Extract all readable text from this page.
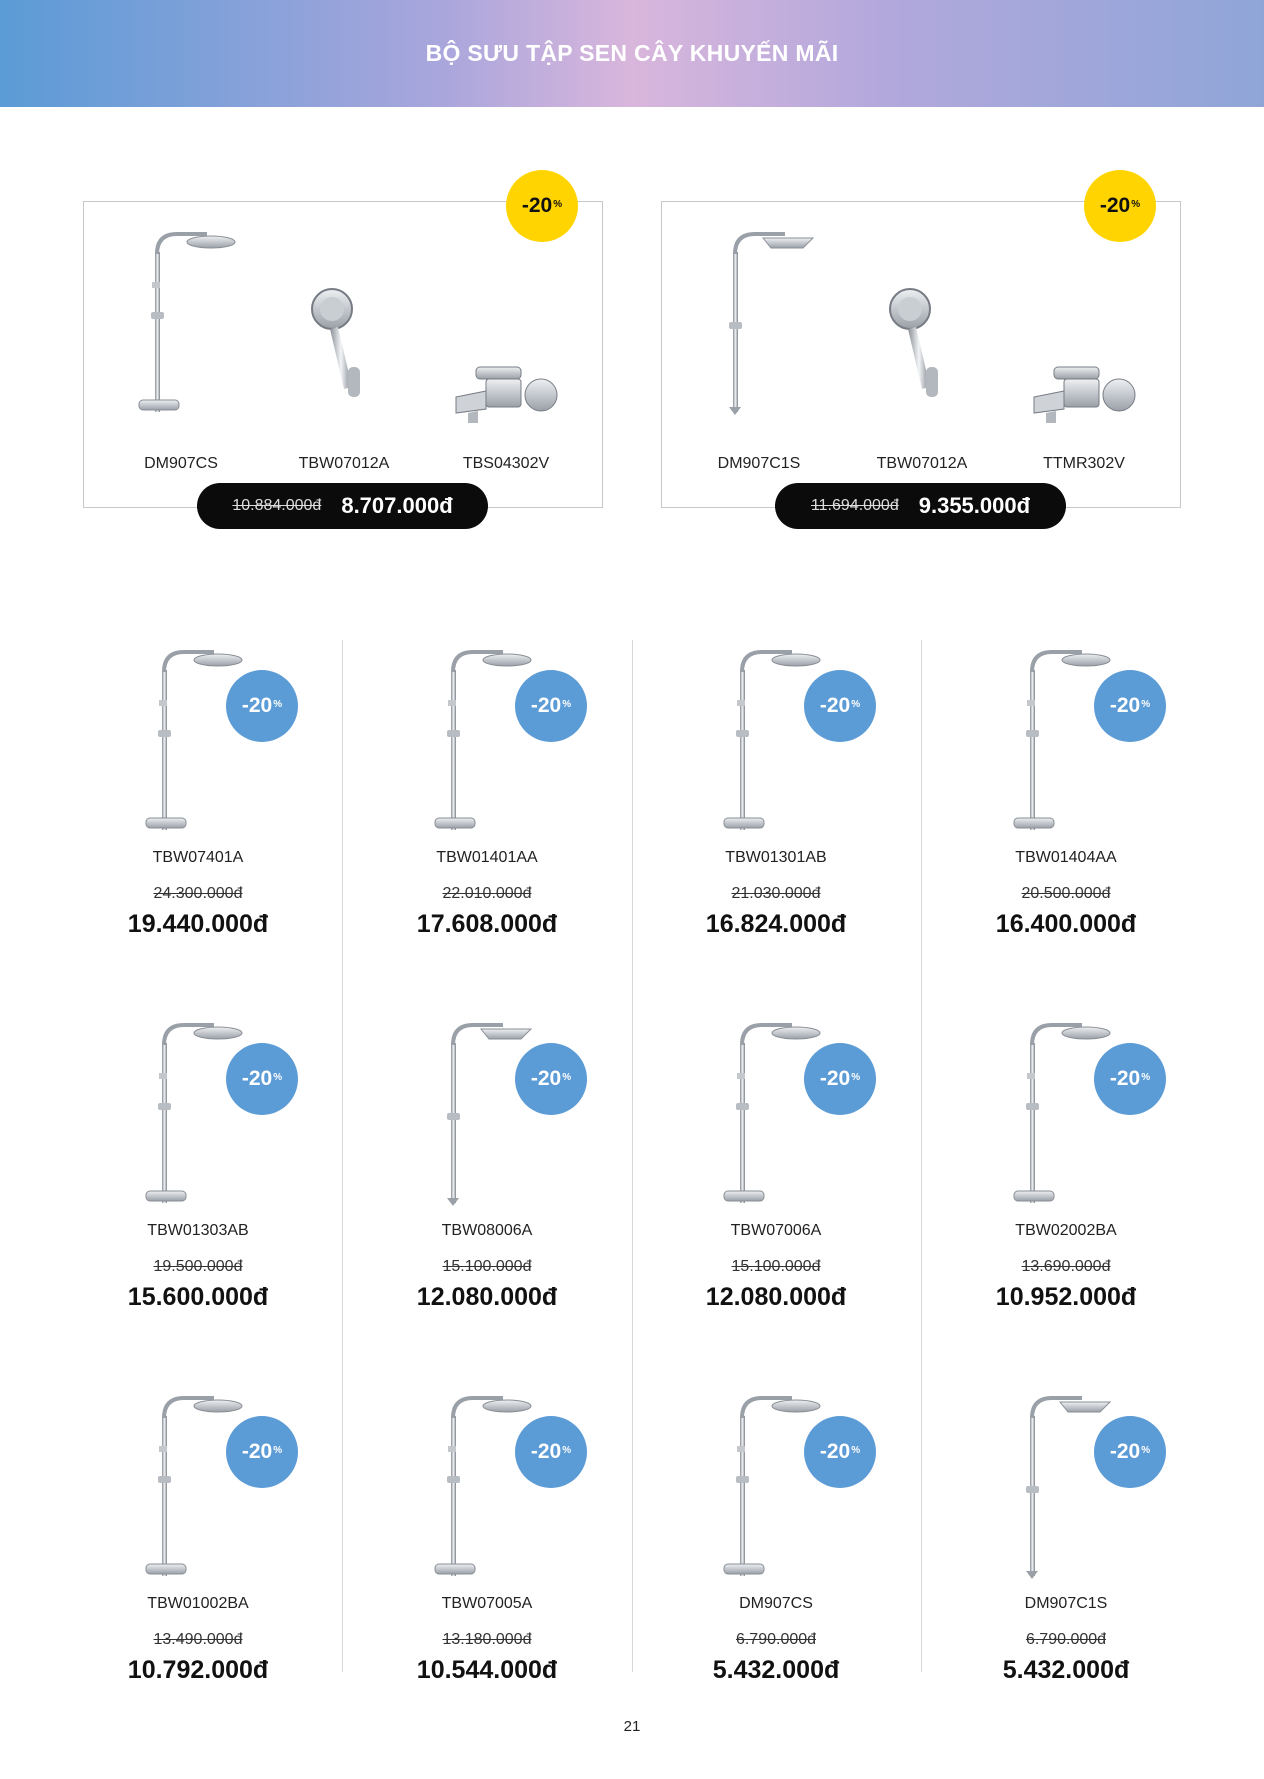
BỘ SƯU TẬP SEN CÂY KHUYẾN MÃI
-20%
DM907CS	TBW07012A	TBS04302V
10.884.000đ 8.707.000đ
-20%
DM907C1S	TBW07012A	TTMR302V
11.694.000đ 9.355.000đ
-20%
TBW07401A
24.300.000đ
19.440.000đ
-20%
TBW01401AA
22.010.000đ
17.608.000đ
-20%
TBW01301AB
21.030.000đ
16.824.000đ
-20%
TBW01404AA
20.500.000đ
16.400.000đ
-20%
TBW01303AB
19.500.000đ
15.600.000đ
-20%
TBW08006A
15.100.000đ
12.080.000đ
-20%
TBW07006A
15.100.000đ
12.080.000đ
-20%
TBW02002BA
13.690.000đ
10.952.000đ
-20%
TBW01002BA
13.490.000đ
10.792.000đ
-20%
TBW07005A
13.180.000đ
10.544.000đ
-20%
DM907CS
6.790.000đ
5.432.000đ
-20%
DM907C1S
6.790.000đ
5.432.000đ
21
